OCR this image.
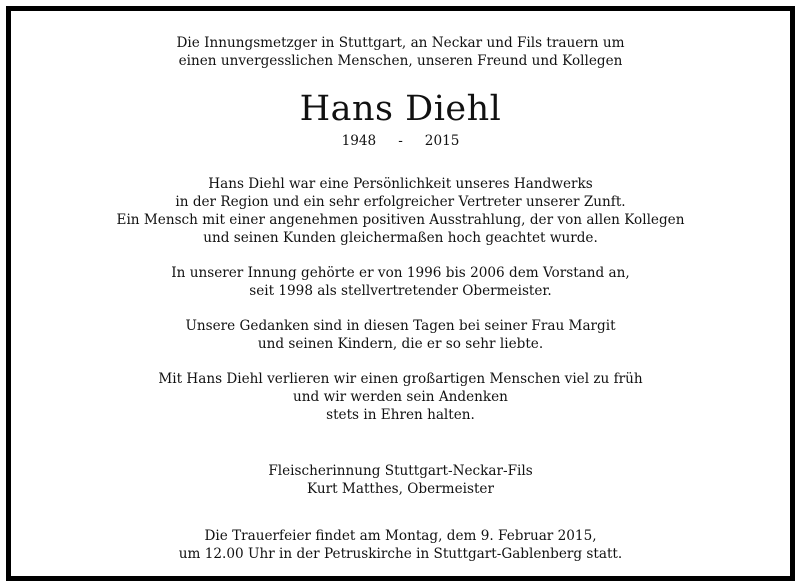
Die Innungsmetzger in Stuttgart, an Neckar und Fils trauern um
einen unvergesslichen Menschen, unseren Freund und Kollegen
Hans Diehl
1948 - 2015
Hans Diehl war eine Persönlichkeit unseres Handwerks
in der Region und ein sehr erfolgreicher Vertreter unserer Zunft.
Ein Mensch mit einer angenehmen positiven Ausstrahlung, der von allen Kollegen
und seinen Kunden gleichermaßen hoch geachtet wurde.
In unserer Innung gehörte er von 1996 bis 2006 dem Vorstand an,
seit 1998 als stellvertretender Obermeister.
Unsere Gedanken sind in diesen Tagen bei seiner Frau Margit
und seinen Kindern, die er so sehr liebte.
Mit Hans Diehl verlieren wir einen großartigen Menschen viel zu früh
und wir werden sein Andenken
stets in Ehren halten.
Fleischerinnung Stuttgart-Neckar-Fils
Kurt Matthes, Obermeister
Die Trauerfeier findet am Montag, dem 9. Februar 2015,
um 12.00 Uhr in der Petruskirche in Stuttgart-Gablenberg statt.
